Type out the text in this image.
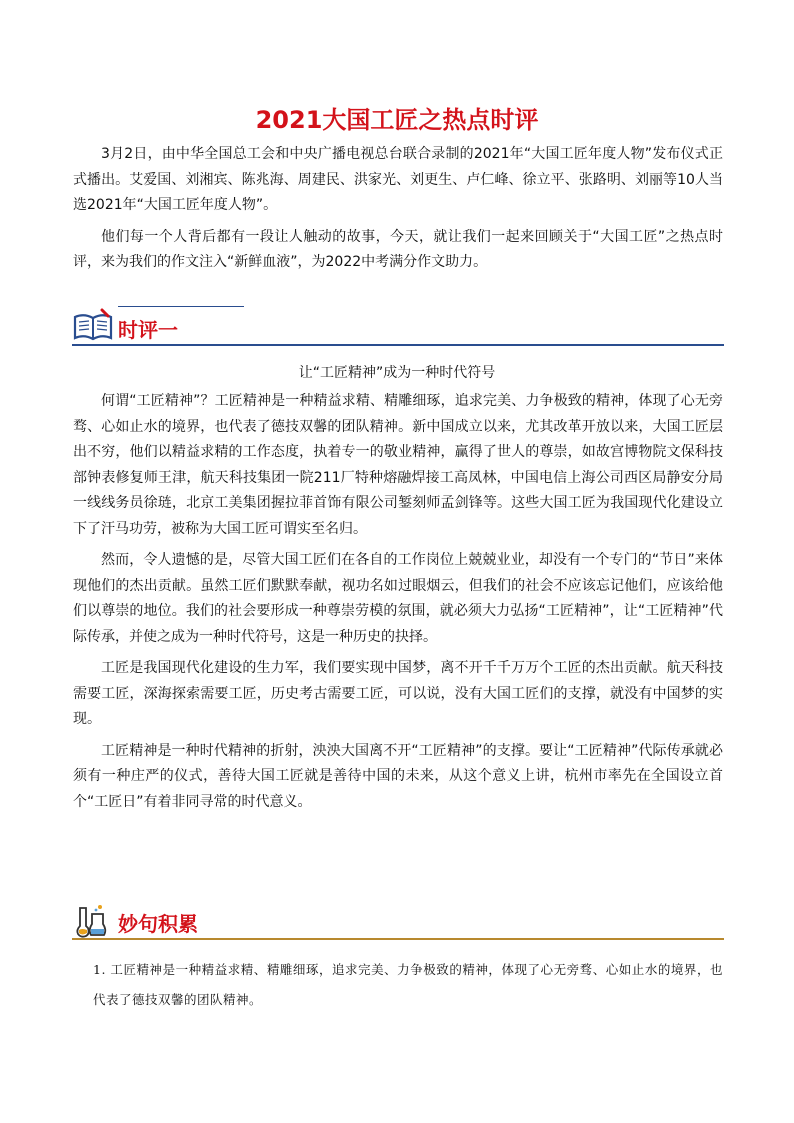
2021大国工匠之热点时评

3月2日，由中华全国总工会和中央广播电视总台联合录制的2021年“大国工匠年度人物”发布仪式正式播出。艾爱国、刘湘宾、陈兆海、周建民、洪家光、刘更生、卢仁峰、徐立平、张路明、刘丽等10人当选2021年“大国工匠年度人物”。

他们每一个人背后都有一段让人触动的故事，今天，就让我们一起来回顾关于“大国工匠”之热点时评，来为我们的作文注入“新鲜血液”，为2022中考满分作文助力。

时评一
让“工匠精神”成为一种时代符号

何谓“工匠精神”？工匠精神是一种精益求精、精雕细琢，追求完美、力争极致的精神，体现了心无旁骛、心如止水的境界，也代表了德技双馨的团队精神。新中国成立以来，尤其改革开放以来，大国工匠层出不穷，他们以精益求精的工作态度，执着专一的敬业精神，赢得了世人的尊崇，如故宫博物院文保科技部钟表修复师王津，航天科技集团一院211厂特种熔融焊接工高凤林，中国电信上海公司西区局静安分局一线线务员徐琏，北京工美集团握拉菲首饰有限公司錾刻师孟剑锋等。这些大国工匠为我国现代化建设立下了汗马功劳，被称为大国工匠可谓实至名归。

然而，令人遗憾的是，尽管大国工匠们在各自的工作岗位上兢兢业业，却没有一个专门的“节日”来体现他们的杰出贡献。虽然工匠们默默奉献，视功名如过眼烟云，但我们的社会不应该忘记他们，应该给他们以尊崇的地位。我们的社会要形成一种尊崇劳模的氛围，就必须大力弘扬“工匠精神”，让“工匠精神”代际传承，并使之成为一种时代符号，这是一种历史的抉择。

工匠是我国现代化建设的生力军，我们要实现中国梦，离不开千千万万个工匠的杰出贡献。航天科技需要工匠，深海探索需要工匠，历史考古需要工匠，可以说，没有大国工匠们的支撑，就没有中国梦的实现。

工匠精神是一种时代精神的折射，泱泱大国离不开“工匠精神”的支撑。要让“工匠精神”代际传承就必须有一种庄严的仪式，善待大国工匠就是善待中国的未来，从这个意义上讲，杭州市率先在全国设立首个“工匠日”有着非同寻常的时代意义。

妙句积累

1. 工匠精神是一种精益求精、精雕细琢，追求完美、力争极致的精神，体现了心无旁骛、心如止水的境界，也代表了德技双馨的团队精神。
